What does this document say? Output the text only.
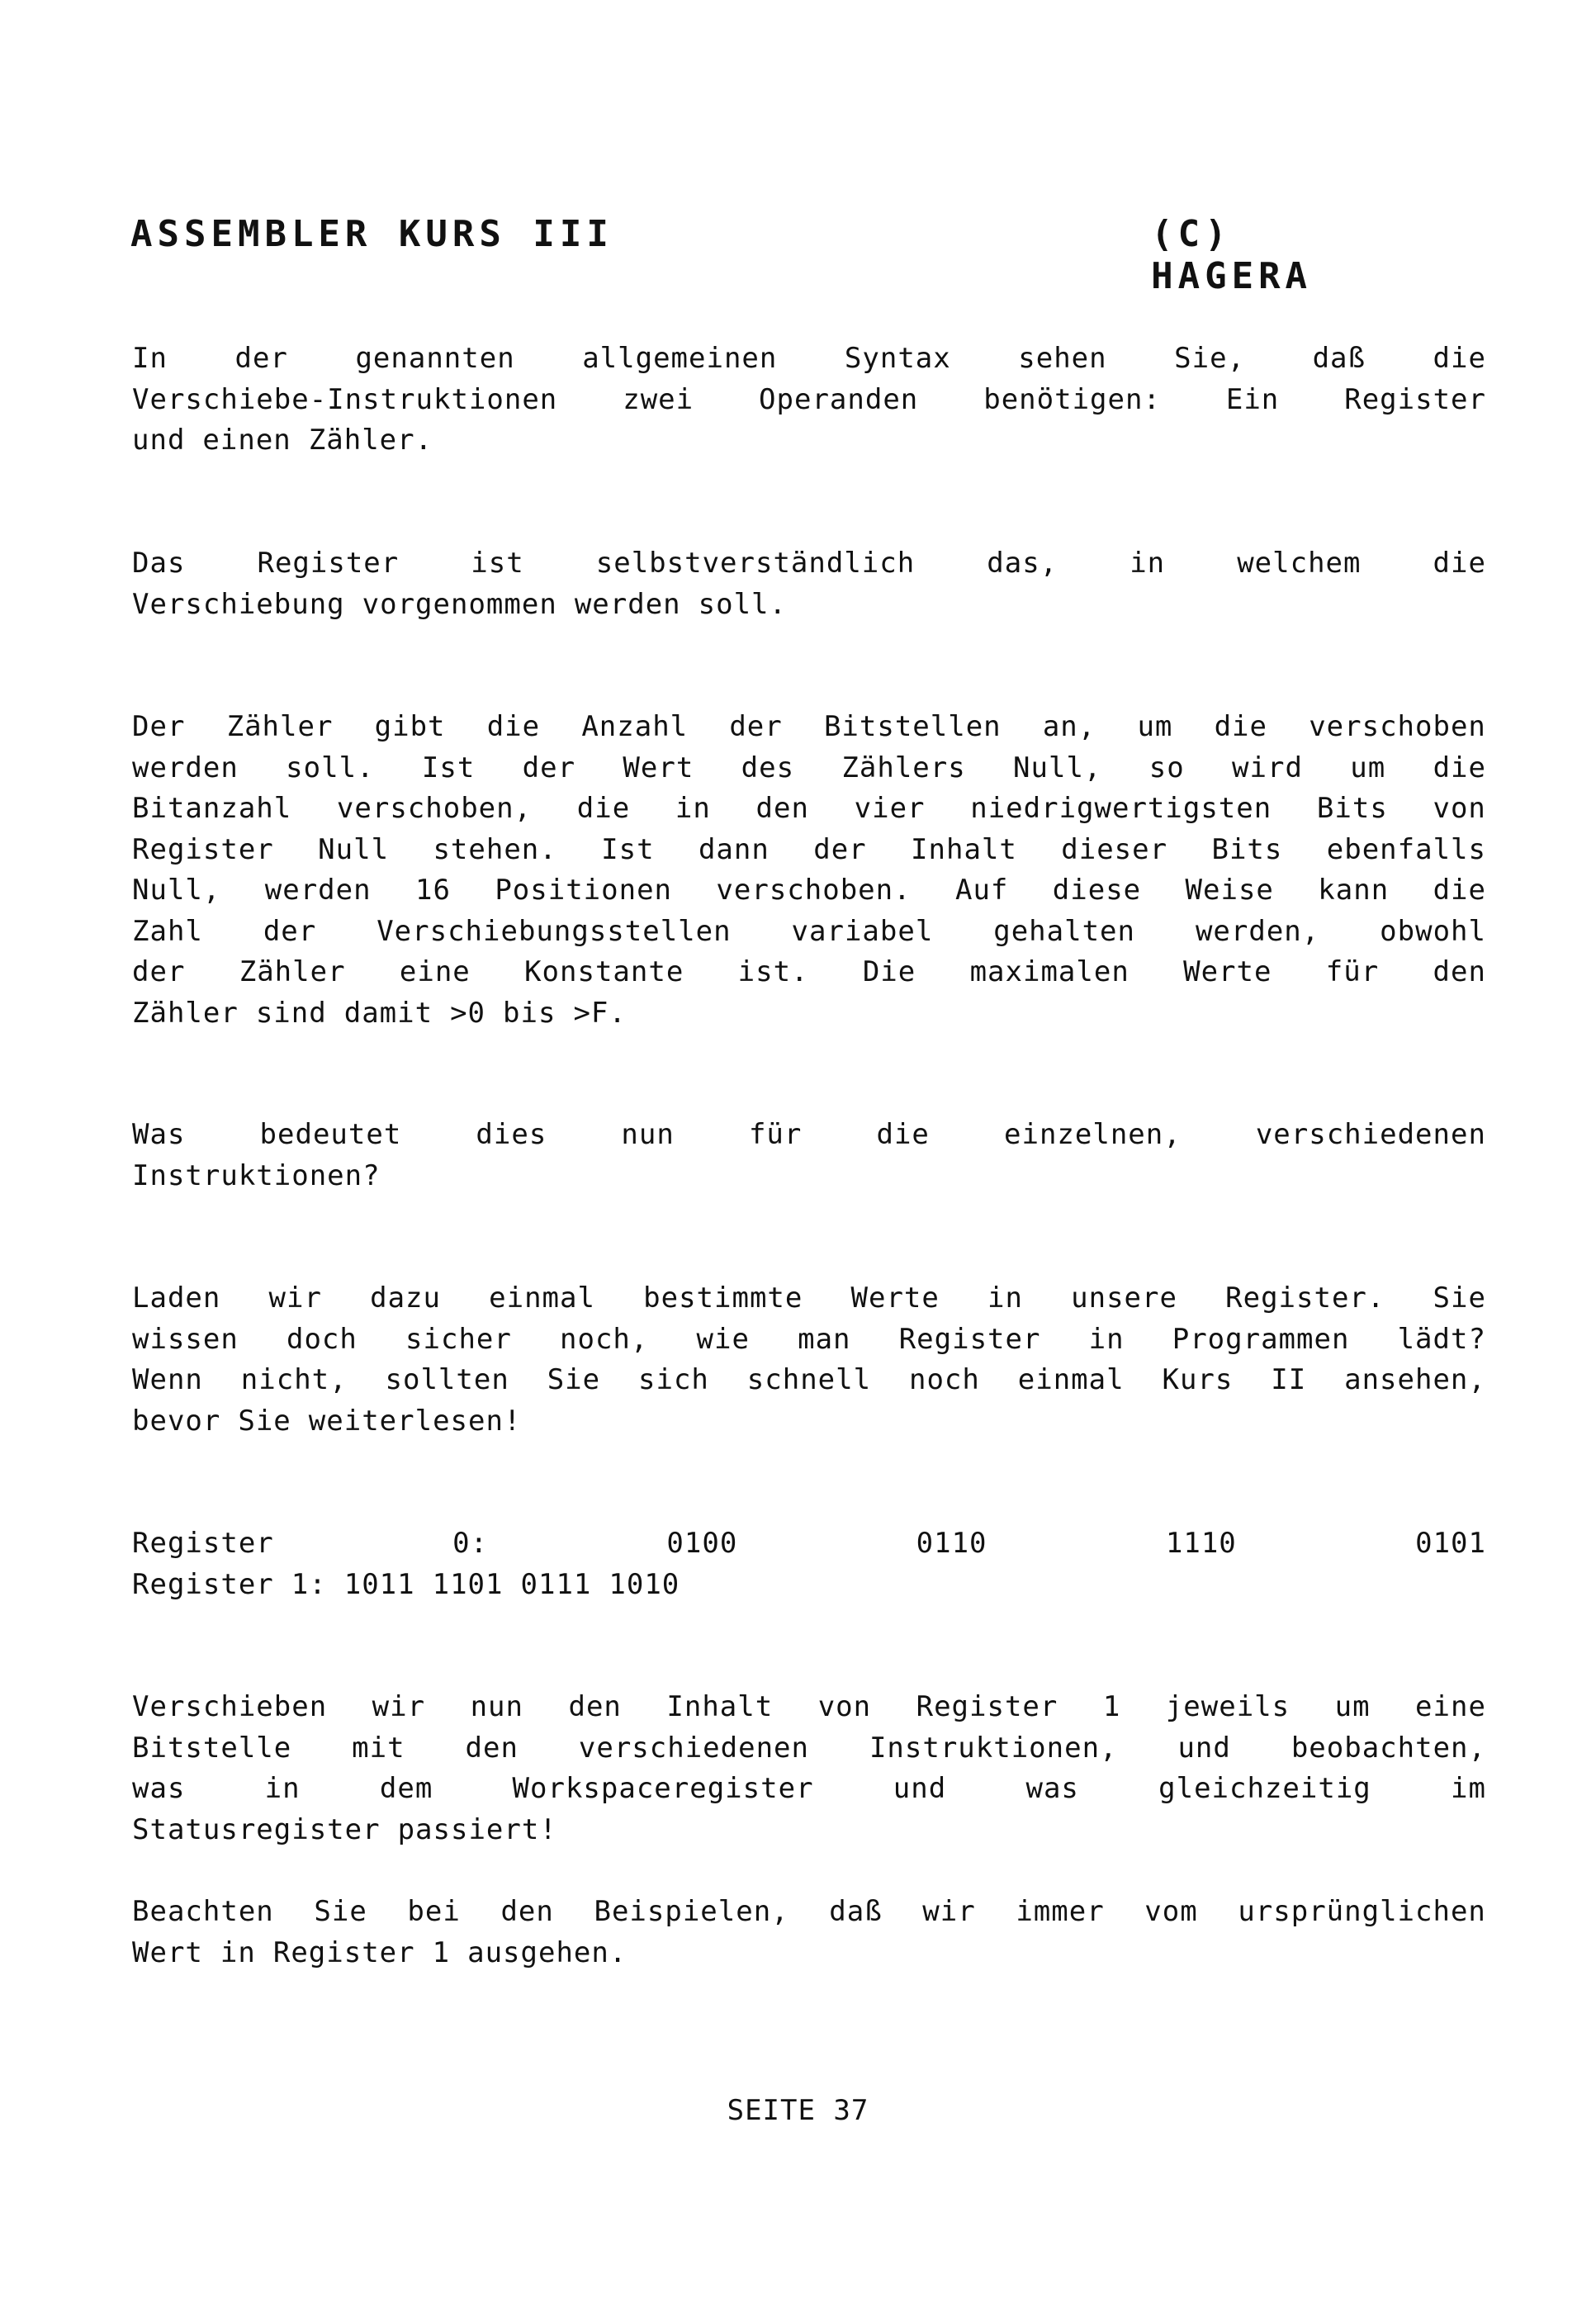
ASSEMBLER KURS III	(C) HAGERA
In der genannten allgemeinen Syntax sehen Sie, daß die
Verschiebe-Instruktionen zwei Operanden benötigen: Ein Register
und einen Zähler.
Das	Register	ist	selbstverständlich	das,	in	welchem	die
Verschiebung vorgenommen werden soll.
Der Zähler gibt die Anzahl der Bitstellen an, um die verschoben
werden soll. Ist der Wert des Zählers Null, so wird um die
Bitanzahl verschoben, die in den vier niedrigwertigsten Bits von
Register Null stehen. Ist dann der Inhalt dieser Bits ebenfalls
Null, werden 16 Positionen verschoben. Auf diese Weise kann die
Zahl der Verschiebungsstellen variabel gehalten werden, obwohl
der Zähler eine Konstante ist. Die maximalen Werte für den
Zähler sind damit >0 bis >F.
Was	bedeutet	dies	nun	für	die	einzelnen,	verschiedenen
Instruktionen?
Laden wir dazu einmal bestimmte Werte in unsere Register. Sie
wissen doch sicher noch, wie man Register in Programmen lädt?
Wenn nicht, sollten Sie sich schnell noch einmal Kurs II ansehen,
bevor Sie weiterlesen!
Register	0:	0100	0110	1110	0101
Register 1: 1011 1101 0111 1010
Verschieben wir nun den Inhalt von Register 1 jeweils um eine
Bitstelle mit den verschiedenen Instruktionen, und beobachten,
was	in	dem	Workspaceregister	und	was	gleichzeitig	im
Statusregister passiert!
Beachten Sie bei den Beispielen, daß wir immer vom ursprünglichen
Wert in Register 1 ausgehen.
SEITE 37
